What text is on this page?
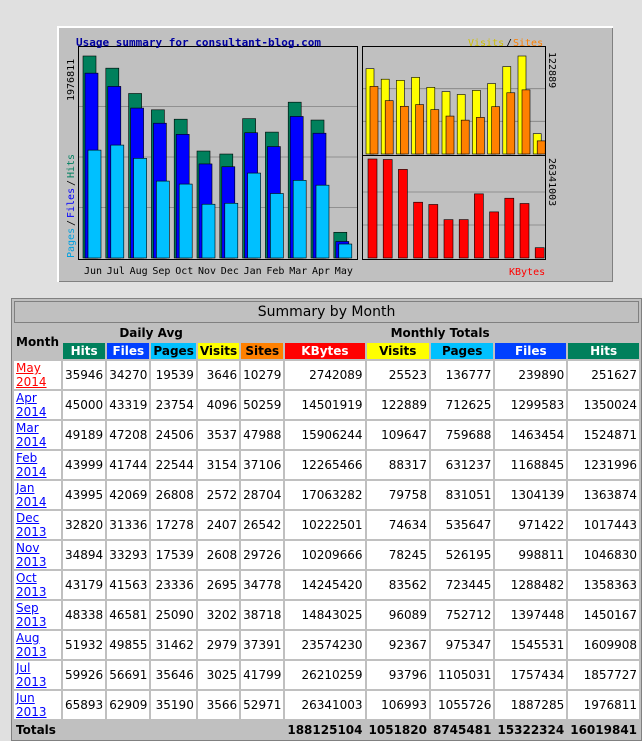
Usage summary for consultant-blog.com	Visits / Sites
KBytes
Pages
/
Files
/
Hits
1976811	122889
26341003
Jun Jul Aug Sep Oct Nov Dec Jan Feb Mar Apr May
Summary by Month										
Month	Daily Avg				Monthly Totals					
	Hits	Files	Pages	Visits	Sites	KBytes	Visits	Pages	Files	Hits
May 2014	35946	34270	19539	3646	10279	2742089	25523	136777	239890	251627
Apr 2014	45000	43319	23754	4096	50259	14501919	122889	712625	1299583	1350024
Mar 2014	49189	47208	24506	3537	47988	15906244	109647	759688	1463454	1524871
Feb 2014	43999	41744	22544	3154	37106	12265466	88317	631237	1168845	1231996
Jan 2014	43995	42069	26808	2572	28704	17063282	79758	831051	1304139	1363874
Dec 2013	32820	31336	17278	2407	26542	10222501	74634	535647	971422	1017443
Nov 2013	34894	33293	17539	2608	29726	10209666	78245	526195	998811	1046830
Oct 2013	43179	41563	23336	2695	34778	14245420	83562	723445	1288482	1358363
Sep 2013	48338	46581	25090	3202	38718	14843025	96089	752712	1397448	1450167
Aug 2013	51932	49855	31462	2979	37391	23574230	92367	975347	1545531	1609908
Jul 2013	59926	56691	35646	3025	41799	26210259	93796	1105031	1757434	1857727
Jun 2013	65893	62909	35190	3566	52971	26341003	106993	1055726	1887285	1976811
Totals						188125104	1051820	8745481	15322324	16019841
